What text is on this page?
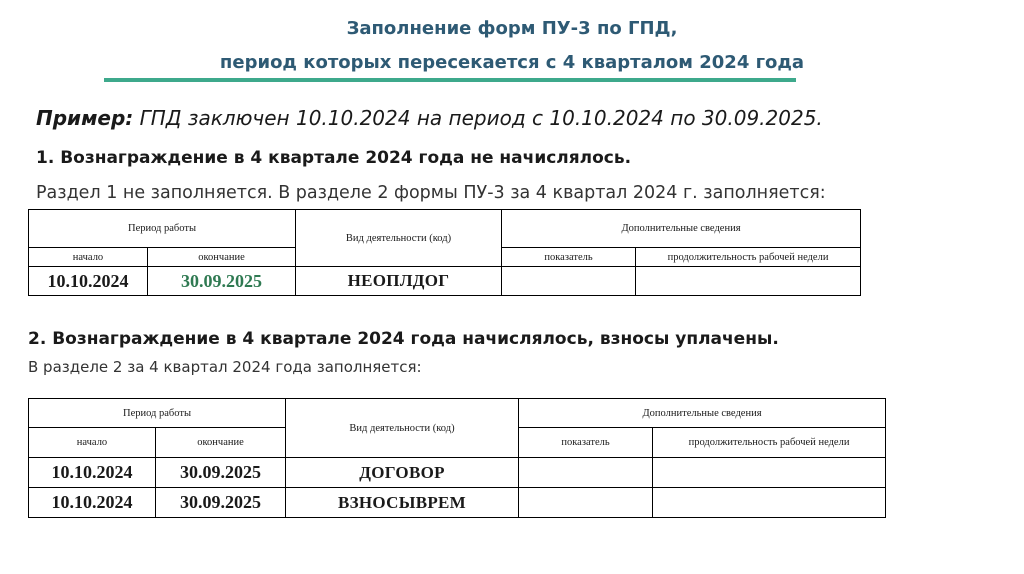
Заполнение форм ПУ-3 по ГПД,
период которых пересекается с 4 кварталом 2024 года
Пример: ГПД заключен 10.10.2024 на период с 10.10.2024 по 30.09.2025.
1. Вознаграждение в 4 квартале 2024 года не начислялось.
Раздел 1 не заполняется. В разделе 2 формы ПУ-3 за 4 квартал 2024 г. заполняется:
Период работы		Вид деятельности (код)	Дополнительные сведения	
начало	окончание		показатель	продолжительность рабочей недели
10.10.2024	30.09.2025	НЕОПЛДОГ		
2. Вознаграждение в 4 квартале 2024 года начислялось, взносы уплачены.
В разделе 2 за 4 квартал 2024 года заполняется:
Период работы		Вид деятельности (код)	Дополнительные сведения	
начало	окончание		показатель	продолжительность рабочей недели
10.10.2024	30.09.2025	ДОГОВОР		
10.10.2024	30.09.2025	ВЗНОСЫВРЕМ		
